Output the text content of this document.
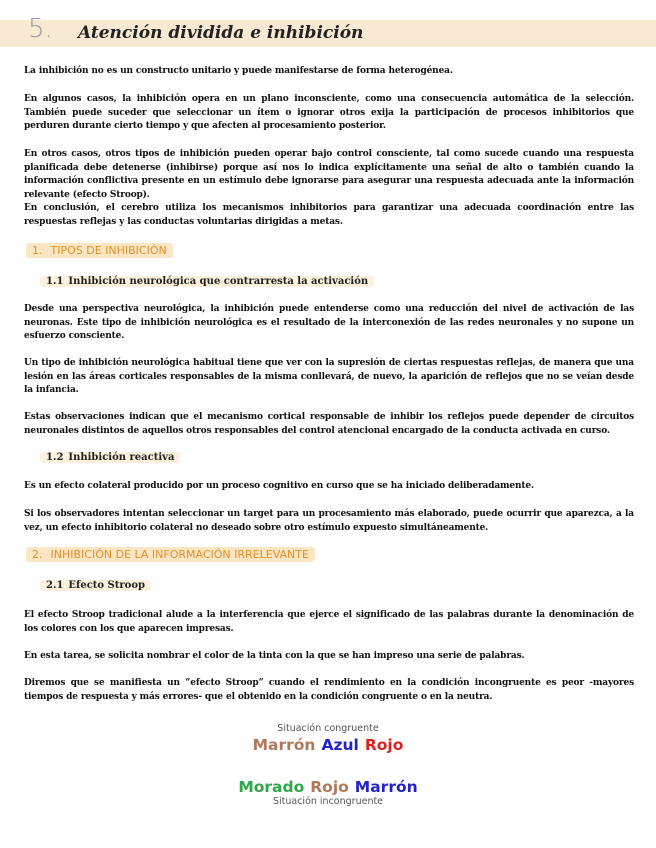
5. Atención dividida e inhibición

La inhibición no es un constructo unitario y puede manifestarse de forma heterogénea.

En algunos casos, la inhibición opera en un plano inconsciente, como una consecuencia automática de la selección. También puede suceder que seleccionar un ítem o ignorar otros exija la participación de procesos inhibitorios que perduren durante cierto tiempo y que afecten al procesamiento posterior.

En otros casos, otros tipos de inhibición pueden operar bajo control consciente, tal como sucede cuando una respuesta planificada debe detenerse (inhibirse) porque así nos lo indica explícitamente una señal de alto o también cuando la información conflictiva presente en un estímulo debe ignorarse para asegurar una respuesta adecuada ante la información relevante (efecto Stroop).

En conclusión, el cerebro utiliza los mecanismos inhibitorios para garantizar una adecuada coordinación entre las respuestas reflejas y las conductas voluntarias dirigidas a metas.

1. TIPOS DE INHIBICIÓN
1.1 Inhibición neurológica que contrarresta la activación

Desde una perspectiva neurológica, la inhibición puede entenderse como una reducción del nivel de activación de las neuronas. Este tipo de inhibición neurológica es el resultado de la interconexión de las redes neuronales y no supone un esfuerzo consciente.

Un tipo de inhibición neurológica habitual tiene que ver con la supresión de ciertas respuestas reflejas, de manera que una lesión en las áreas corticales responsables de la misma conllevará, de nuevo, la aparición de reflejos que no se veían desde la infancia.

Estas observaciones indican que el mecanismo cortical responsable de inhibir los reflejos puede depender de circuitos neuronales distintos de aquellos otros responsables del control atencional encargado de la conducta activada en curso.

1.2 Inhibición reactiva

Es un efecto colateral producido por un proceso cognitivo en curso que se ha iniciado deliberadamente.

Si los observadores intentan seleccionar un target para un procesamiento más elaborado, puede ocurrir que aparezca, a la vez, un efecto inhibitorio colateral no deseado sobre otro estímulo expuesto simultáneamente.

2. INHIBICIÓN DE LA INFORMACIÓN IRRELEVANTE
2.1 Efecto Stroop

El efecto Stroop tradicional alude a la interferencia que ejerce el significado de las palabras durante la denominación de los colores con los que aparecen impresas.

En esta tarea, se solicita nombrar el color de la tinta con la que se han impreso una serie de palabras.

Diremos que se manifiesta un “efecto Stroop” cuando el rendimiento en la condición incongruente es peor -mayores tiempos de respuesta y más errores- que el obtenido en la condición congruente o en la neutra.

Situación congruente
Marrón Azul Rojo
Morado Rojo Marrón
Situación incongruente
